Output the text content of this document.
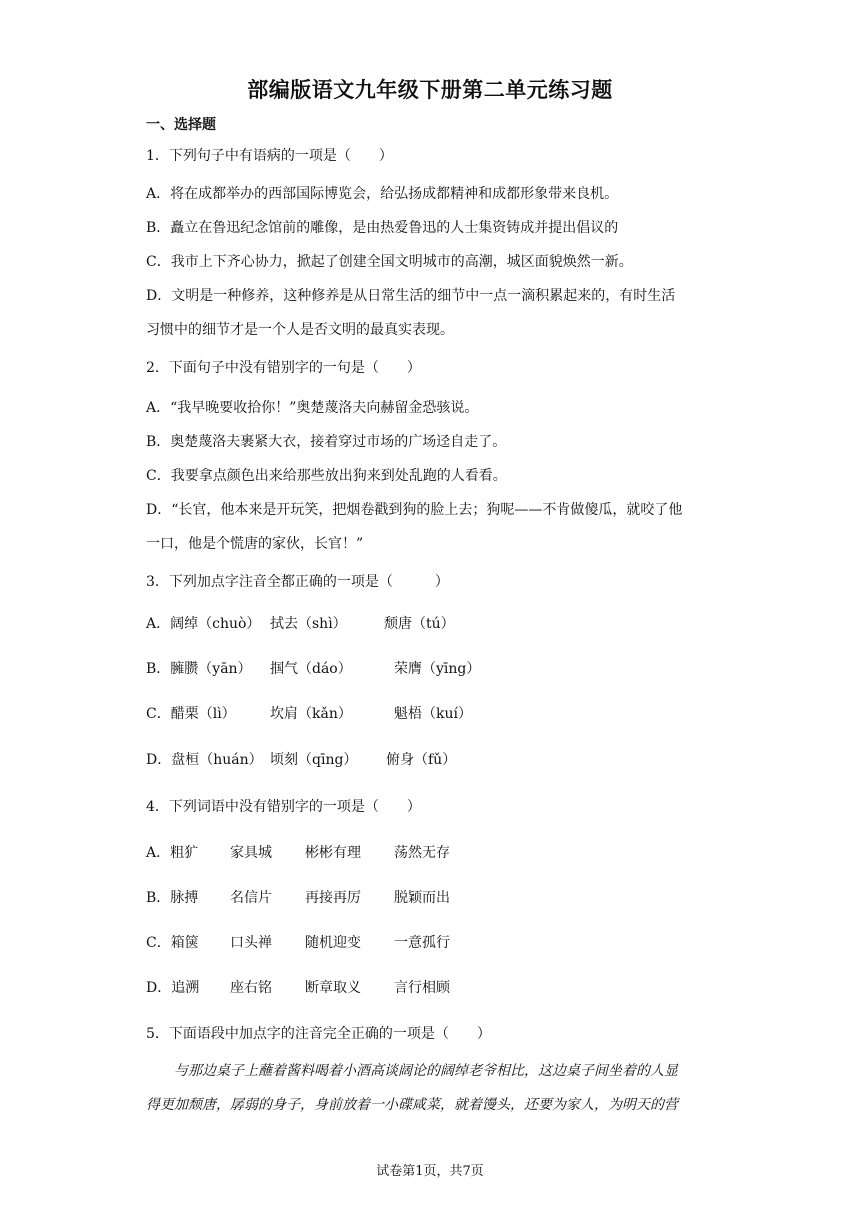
部编版语文九年级下册第二单元练习题
一、选择题
1．下列句子中有语病的一项是（　　）
A．将在成都举办的西部国际博览会，给弘扬成都精神和成都形象带来良机。
B．矗立在鲁迅纪念馆前的雕像，是由热爱鲁迅的人士集资铸成并提出倡议的
C．我市上下齐心协力，掀起了创建全国文明城市的高潮，城区面貌焕然一新。
D．文明是一种修养，这种修养是从日常生活的细节中一点一滴积累起来的，有时生活
习惯中的细节才是一个人是否文明的最真实表现。
2．下面句子中没有错别字的一句是（　　）
A．“我早晚要收拾你！”奥楚蔑洛夫向赫留金恐骇说。
B．奥楚蔑洛夫裹紧大衣，接着穿过市场的广场迳自走了。
C．我要拿点颜色出来给那些放出狗来到处乱跑的人看看。
D．“长官，他本来是开玩笑，把烟卷戳到狗的脸上去；狗呢——不肯做傻瓜，就咬了他
一口，他是个慌唐的家伙，长官！”
3．下列加点字注音全都正确的一项是（　　　）
A．阔绰（chuò） 拭去（shì）	颓唐（tú）
B．臃臜（yān）	掴气（dáo）	荣膺（yīng）
C．醋栗（lì）	坎肩（kǎn）	魁梧（kuí）
D．盘桓（huán） 顷刻（qīng）	俯身（fǔ）
4．下列词语中没有错别字的一项是（　　）
A．粗犷	家具城	彬彬有理	荡然无存
B．脉搏	名信片	再接再厉	脱颖而出
C．箱箧	口头禅	随机迎变	一意孤行
D．追溯	座右铭	断章取义	言行相顾
5．下面语段中加点字的注音完全正确的一项是（　　）
与那边桌子上蘸着酱料喝着小酒高谈阔论的阔绰老爷相比，这边桌子间坐着的人显
得更加颓唐，孱弱的身子，身前放着一小碟咸菜，就着馒头，还要为家人，为明天的营
试卷第1页，共7页
